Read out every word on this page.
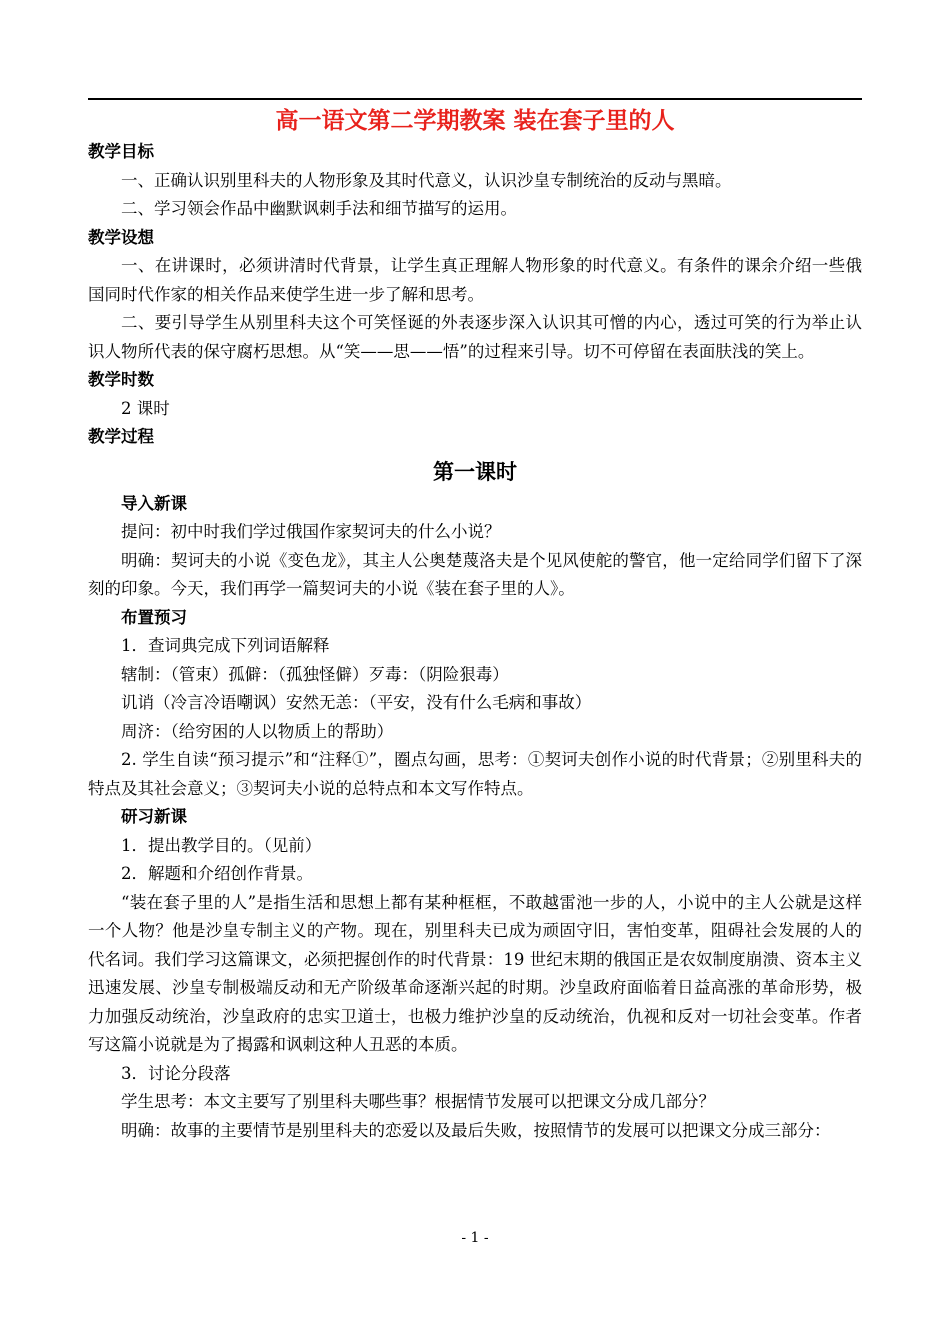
高一语文第二学期教案 装在套子里的人
教学目标

一、正确认识别里科夫的人物形象及其时代意义，认识沙皇专制统治的反动与黑暗。

二、学习领会作品中幽默讽刺手法和细节描写的运用。

教学设想

一、在讲课时，必须讲清时代背景，让学生真正理解人物形象的时代意义。有条件的课余介绍一些俄国同时代作家的相关作品来使学生进一步了解和思考。

二、要引导学生从别里科夫这个可笑怪诞的外表逐步深入认识其可憎的内心，透过可笑的行为举止认识人物所代表的保守腐朽思想。从“笑——思——悟”的过程来引导。切不可停留在表面肤浅的笑上。

教学时数

2 课时

教学过程
第一课时
导入新课

提问：初中时我们学过俄国作家契诃夫的什么小说？

明确：契诃夫的小说《变色龙》，其主人公奥楚蔑洛夫是个见风使舵的警官，他一定给同学们留下了深刻的印象。今天，我们再学一篇契诃夫的小说《装在套子里的人》。

布置预习

1．查词典完成下列词语解释

辖制：（管束）孤僻：（孤独怪僻）歹毒：（阴险狠毒）

讥诮（冷言冷语嘲讽）安然无恙：（平安，没有什么毛病和事故）

周济：（给穷困的人以物质上的帮助）

2. 学生自读“预习提示”和“注释①”，圈点勾画，思考：①契诃夫创作小说的时代背景；②别里科夫的特点及其社会意义；③契诃夫小说的总特点和本文写作特点。

研习新课

1．提出教学目的。（见前）

2．解题和介绍创作背景。

“装在套子里的人”是指生活和思想上都有某种框框，不敢越雷池一步的人，小说中的主人公就是这样一个人物？他是沙皇专制主义的产物。现在，别里科夫已成为顽固守旧，害怕变革，阻碍社会发展的人的代名词。我们学习这篇课文，必须把握创作的时代背景：19 世纪末期的俄国正是农奴制度崩溃、资本主义迅速发展、沙皇专制极端反动和无产阶级革命逐渐兴起的时期。沙皇政府面临着日益高涨的革命形势，极力加强反动统治，沙皇政府的忠实卫道士，也极力维护沙皇的反动统治，仇视和反对一切社会变革。作者写这篇小说就是为了揭露和讽刺这种人丑恶的本质。

3．讨论分段落

学生思考：本文主要写了别里科夫哪些事？根据情节发展可以把课文分成几部分？

明确：故事的主要情节是别里科夫的恋爱以及最后失败，按照情节的发展可以把课文分成三部分：

- 1 -
